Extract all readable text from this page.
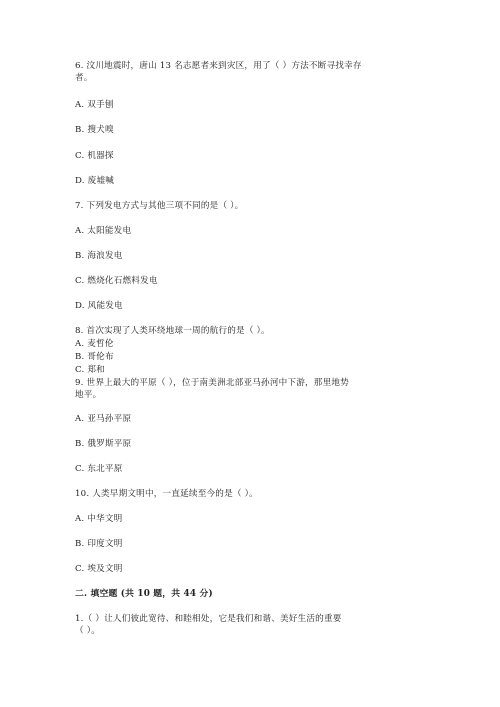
6. 汶川地震时，唐山 13 名志愿者来到灾区，用了（ ）方法不断寻找幸存
者。
A. 双手刨
B. 搜犬嗅
C. 机器探
D. 废墟喊
7. 下列发电方式与其他三项不同的是（ ）。
A. 太阳能发电
B. 海浪发电
C. 燃烧化石燃料发电
D. 风能发电
8. 首次实现了人类环绕地球一周的航行的是（ ）。
A. 麦哲伦
B. 哥伦布
C. 郑和
9. 世界上最大的平原（ ），位于南美洲北部亚马孙河中下游，那里地势
地平。
A. 亚马孙平原
B. 俄罗斯平原
C. 东北平原
10. 人类早期文明中，一直延续至今的是（ ）。
A. 中华文明
B. 印度文明
C. 埃及文明
二. 填空题 (共 10 题，共 44 分)
1.（ ）让人们彼此宽待、和睦相处，它是我们和谐、美好生活的重要
（ ）。
